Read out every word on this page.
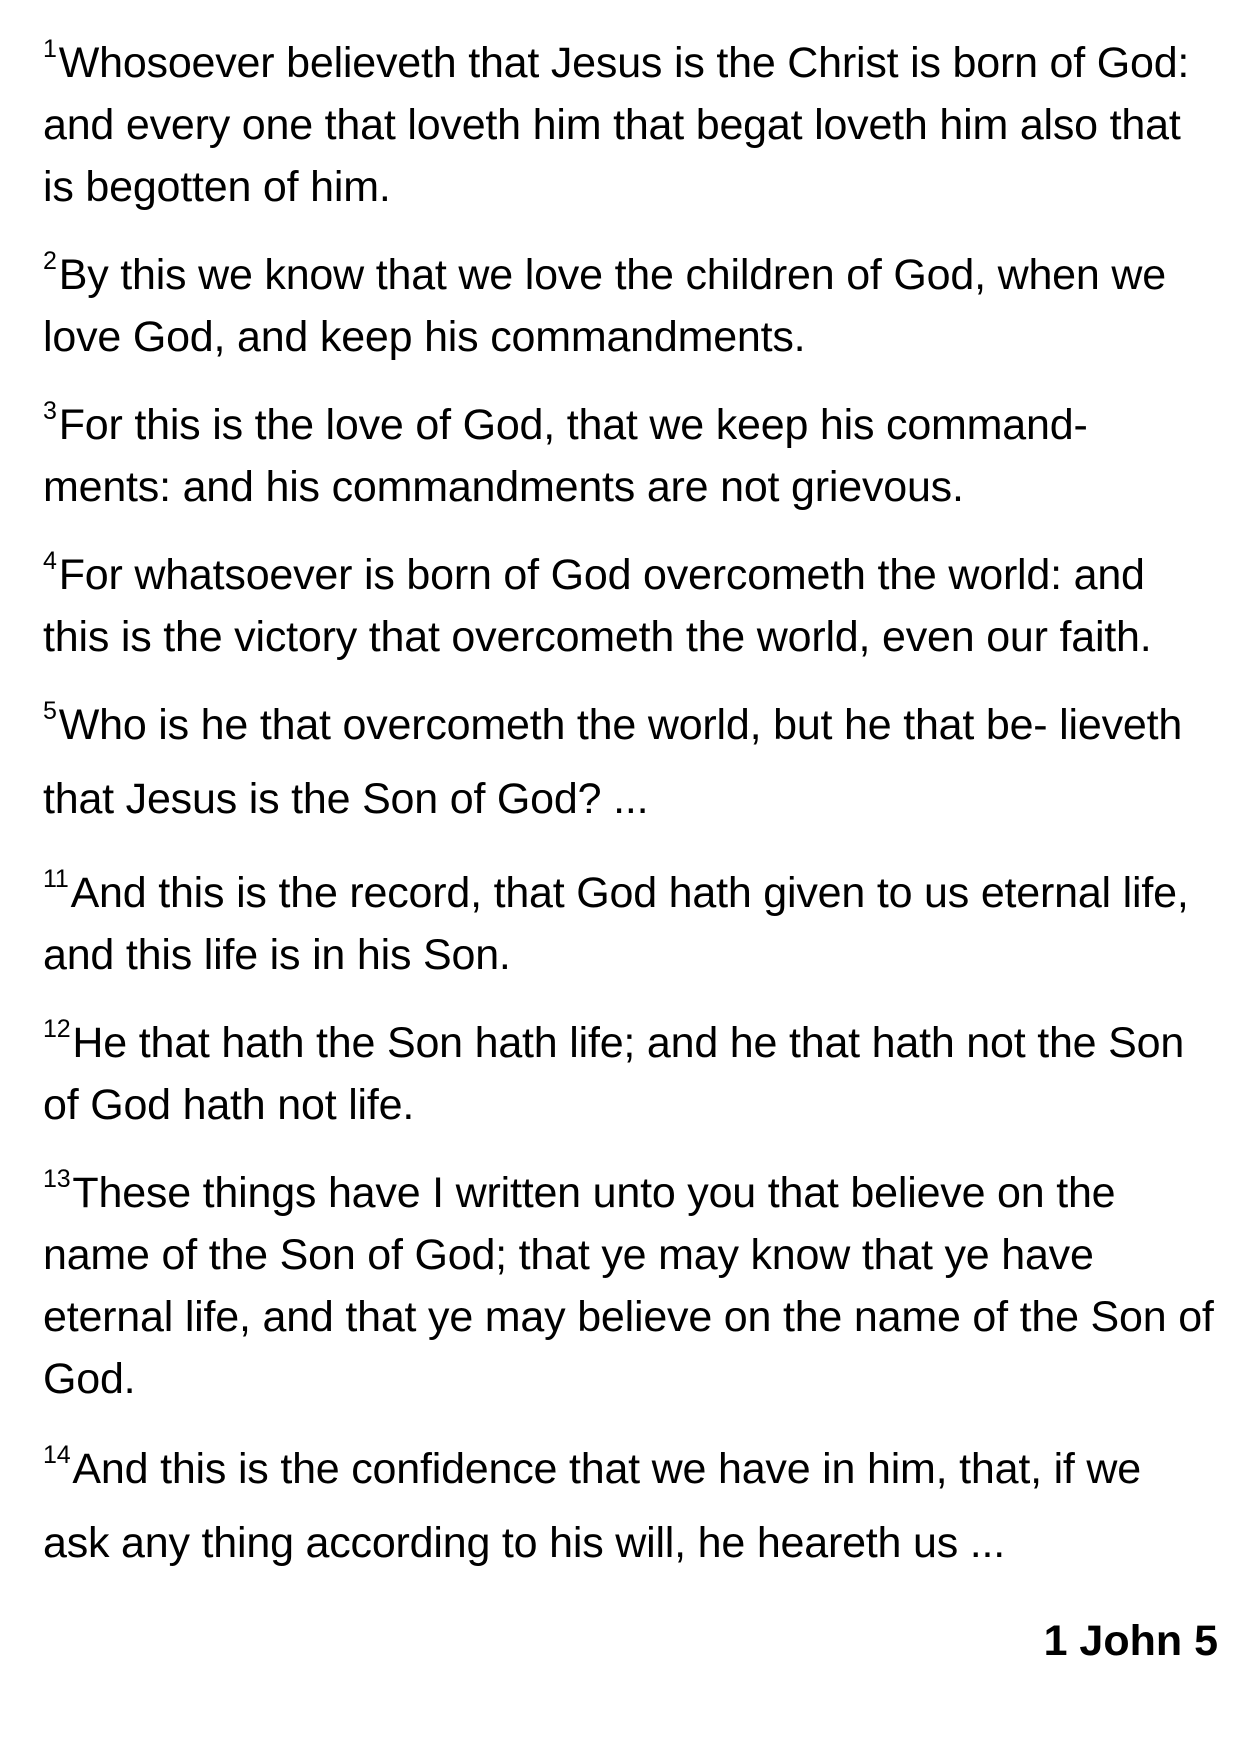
$^1$Whosoever believeth that Jesus is the Christ is born of God: and every one that loveth him that begat loveth him also that is begotten of him.

$^2$By this we know that we love the children of God, when we love God, and keep his commandments.

$^3$For this is the love of God, that we keep his command- ments: and his commandments are not grievous.

$^4$For whatsoever is born of God overcometh the world: and this is the victory that overcometh the world, even our faith.

$^5$Who is he that overcometh the world, but he that be- lieveth that Jesus is the Son of God? ...

$^{11}$And this is the record, that God hath given to us eternal life, and this life is in his Son.

$^{12}$He that hath the Son hath life; and he that hath not the Son of God hath not life.

$^{13}$These things have I written unto you that believe on the name of the Son of God; that ye may know that ye have eternal life, and that ye may believe on the name of the Son of God.

$^{14}$And this is the confidence that we have in him, that, if we ask any thing according to his will, he heareth us ...

1 John 5
